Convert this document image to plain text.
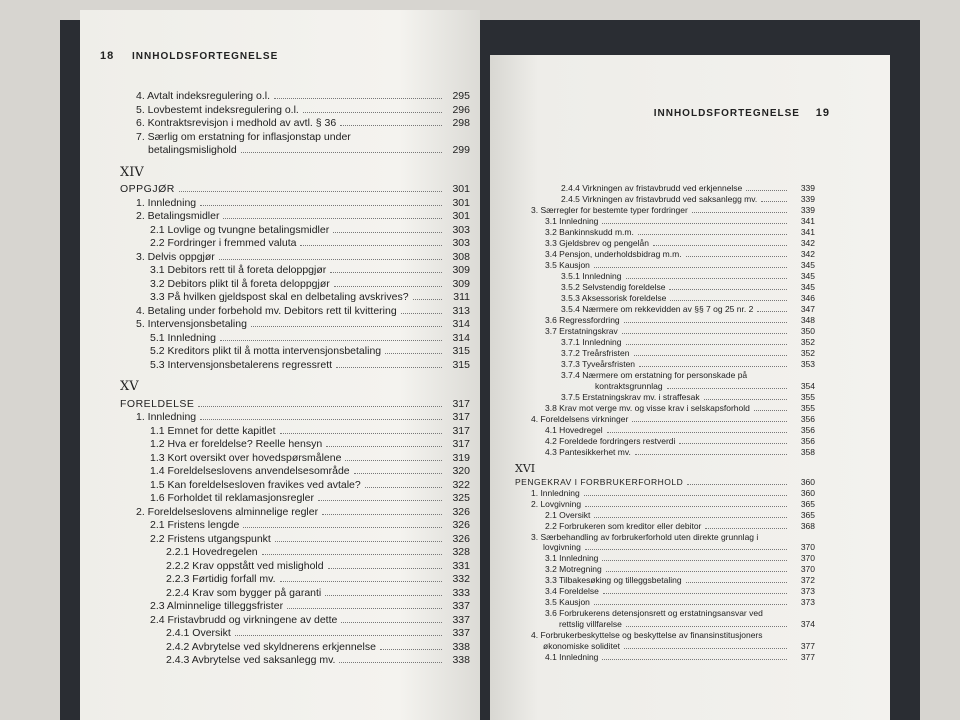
18 INNHOLDSFORTEGNELSE
4. Avtalt indeksregulering o.l.	295
5. Lovbestemt indeksregulering o.l.	296
6. Kontraktsrevisjon i medhold av avtl. § 36	298
7. Særlig om erstatning for inflasjonstap under
betalingsmislighold	299
XIV
OPPGJØR	301
1. Innledning	301
2. Betalingsmidler	301
2.1 Lovlige og tvungne betalingsmidler	303
2.2 Fordringer i fremmed valuta	303
3. Delvis oppgjør	308
3.1 Debitors rett til å foreta deloppgjør	309
3.2 Debitors plikt til å foreta deloppgjør	309
3.3 På hvilken gjeldspost skal en delbetaling avskrives?	311
4. Betaling under forbehold mv. Debitors rett til kvittering	313
5. Intervensjonsbetaling	314
5.1 Innledning	314
5.2 Kreditors plikt til å motta intervensjonsbetaling	315
5.3 Intervensjonsbetalerens regressrett	315
XV
FORELDELSE	317
1. Innledning	317
1.1 Emnet for dette kapitlet	317
1.2 Hva er foreldelse? Reelle hensyn	317
1.3 Kort oversikt over hovedspørsmålene	319
1.4 Foreldelseslovens anvendelsesområde	320
1.5 Kan foreldelsesloven fravikes ved avtale?	322
1.6 Forholdet til reklamasjonsregler	325
2. Foreldelseslovens alminnelige regler	326
2.1 Fristens lengde	326
2.2 Fristens utgangspunkt	326
2.2.1 Hovedregelen	328
2.2.2 Krav oppstått ved mislighold	331
2.2.3 Førtidig forfall mv.	332
2.2.4 Krav som bygger på garanti	333
2.3 Alminnelige tilleggsfrister	337
2.4 Fristavbrudd og virkningene av dette	337
2.4.1 Oversikt	337
2.4.2 Avbrytelse ved skyldnerens erkjennelse	338
2.4.3 Avbrytelse ved saksanlegg mv.	338
INNHOLDSFORTEGNELSE 19
2.4.4 Virkningen av fristavbrudd ved erkjennelse	339
2.4.5 Virkningen av fristavbrudd ved saksanlegg mv.	339
3. Særregler for bestemte typer fordringer	339
3.1 Innledning	341
3.2 Bankinnskudd m.m.	341
3.3 Gjeldsbrev og pengelån	342
3.4 Pensjon, underholdsbidrag m.m.	342
3.5 Kausjon	345
3.5.1 Innledning	345
3.5.2 Selvstendig foreldelse	345
3.5.3 Aksessorisk foreldelse	346
3.5.4 Nærmere om rekkevidden av §§ 7 og 25 nr. 2	347
3.6 Regressfordring	348
3.7 Erstatningskrav	350
3.7.1 Innledning	352
3.7.2 Treårsfristen	352
3.7.3 Tyveårsfristen	353
3.7.4 Nærmere om erstatning for personskade på
kontraktsgrunnlag	354
3.7.5 Erstatningskrav mv. i straffesak	355
3.8 Krav mot verge mv. og visse krav i selskapsforhold	355
4. Foreldelsens virkninger	356
4.1 Hovedregel	356
4.2 Foreldede fordringers restverdi	356
4.3 Pantesikkerhet mv.	358
XVI
PENGEKRAV I FORBRUKERFORHOLD	360
1. Innledning	360
2. Lovgivning	365
2.1 Oversikt	365
2.2 Forbrukeren som kreditor eller debitor	368
3. Særbehandling av forbrukerforhold uten direkte grunnlag i
lovgivning	370
3.1 Innledning	370
3.2 Motregning	370
3.3 Tilbakesøking og tilleggsbetaling	372
3.4 Foreldelse	373
3.5 Kausjon	373
3.6 Forbrukerens detensjonsrett og erstatningsansvar ved
rettslig villfarelse	374
4. Forbrukerbeskyttelse og beskyttelse av finansinstitusjoners
økonomiske soliditet	377
4.1 Innledning	377
